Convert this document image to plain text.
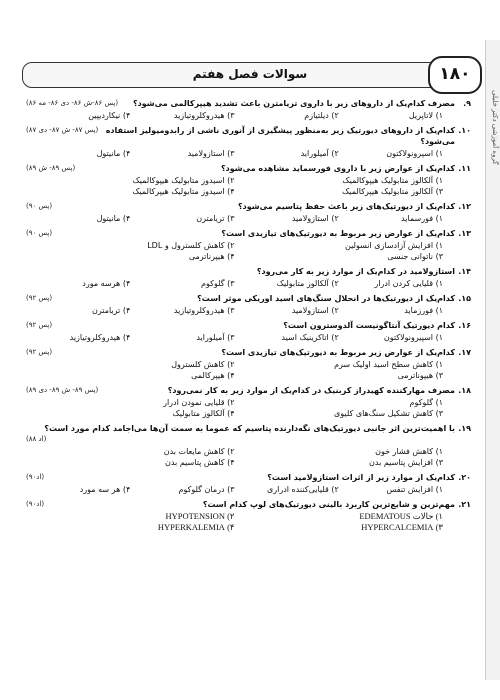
گروه آموزشی دکتر خلیلی
سوالات فصل هفتم	۱۸۰
۹.
(پس ۸۶-ش ۸۶- دی ۸۶- مه ۸۶) مصرف کدام‌یک از داروهای زیر با داروی تریامترن باعث تشدید هیپرکالمی می‌شود؟
۱) لاتاپریل
۲) دیلتیازم
۳) هیدروکلروتیازید
۴) نیکاردیپین
۱۰.
(پس ۸۷- ش ۸۷- دی ۸۷) کدام‌یک از داروهای دیورتیک زیر به‌منظور پیشگیری از آنوری ناشی از رابدومیولیز استفاده می‌شود؟
۱) اسپرونولاکتون
۲) آمیلوراید
۳) استازولامید
۴) مانیتول
۱۱.
(پس ۸۹- ش ۸۹)	کدام‌یک از عوارض زیر با داروی فورسماید مشاهده می‌شود؟
۱) آلکالوز متابولیک هیپوکالمیک
۲) اسیدوز متابولیک هیپوکالمیک
۳) آلکالوز متابولیک هیپرکالمیک
۴) اسیدوز متابولیک هیپرکالمیک
۱۲.
(پس ۹۰)	کدام‌یک از دیورتیک‌های زیر باعث حفظ پتاسیم می‌شود؟
۱) فورسماید
۲) استازولامید
۳) تریامترن
۴) مانیتول
۱۳.
(پس ۹۰)	کدام‌یک از عوارض زیر مربوط به دیورتیک‌های تیازیدی است؟
۱) افزایش آزادسازی انسولین
۲) کاهش کلسترول و LDL
۳) ناتوانی جنسی
۴) هیپرناترمی
۱۴.
استازولامید در کدام‌یک از موارد زیر به کار می‌رود؟
۱) قلیایی کردن ادرار
۲) آلکالوز متابولیک
۳) گلوکوم
۴) هرسه مورد
۱۵.
(پس ۹۲)	کدام‌یک از دیورتیک‌ها در انحلال سنگ‌های اسید اوریکی موثر است؟
۱) فورزماید
۲) استازولامید
۳) هیدروکلروتیازید
۴) تریامترن
۱۶.
(پس ۹۲)	کدام دیورتیک آنتاگونیست آلدوسترون است؟
۱) اسپیرونولاکتون
۲) اتاکرینیک اسید
۳) آمیلوراید
۴) هیدروکلروتیازید
۱۷.
(پس ۹۲)	کدام‌یک از عوارض زیر مربوط به دیورتیک‌های تیازیدی است؟
۱) کاهش سطح اسید اولیک سرم
۲) کاهش کلسترول
۳) هیپوناترمی
۴) هیپرکالمی
۱۸.
(پس ۸۹- ش ۸۹- دی ۸۹)	مصرف مهارکننده کهیدراز کربنیک در کدام‌یک از موارد زیر به کار نمی‌رود؟
۱) گلوکوم
۲) قلیایی نمودن ادرار
۳) کاهش تشکیل سنگ‌های کلیوی
۴) آلکالوز متابولیک
۱۹.
با اهمیت‌ترین اثر جانبی دیورتیک‌های نگه‌دارنده پتاسیم که عموما به سمت آن‌ها می‌اجامد کدام مورد است؟
(اد ۸۸)
۱) کاهش فشار خون
۲) کاهش مایعات بدن
۳) افزایش پتاسیم بدن
۴) کاهش پتاسیم بدن
۲۰.
(اد۹۰)	کدام‌یک از موارد زیر از اثرات استازولامید است؟
۱) افزایش تنفس
۲) قلیایی‌کننده ادراری
۳) درمان گلوکوم
۴) هر سه مورد
۲۱.
(اد۹۰)	مهم‌ترین و شایع‌ترین کاربرد بالینی دیورتیک‌های لوپ کدام است؟
۱) حالات EDEMATOUS
۲) HYPOTENSION
۳) HYPERCALCEMIA
۴) HYPERKALEMIA
